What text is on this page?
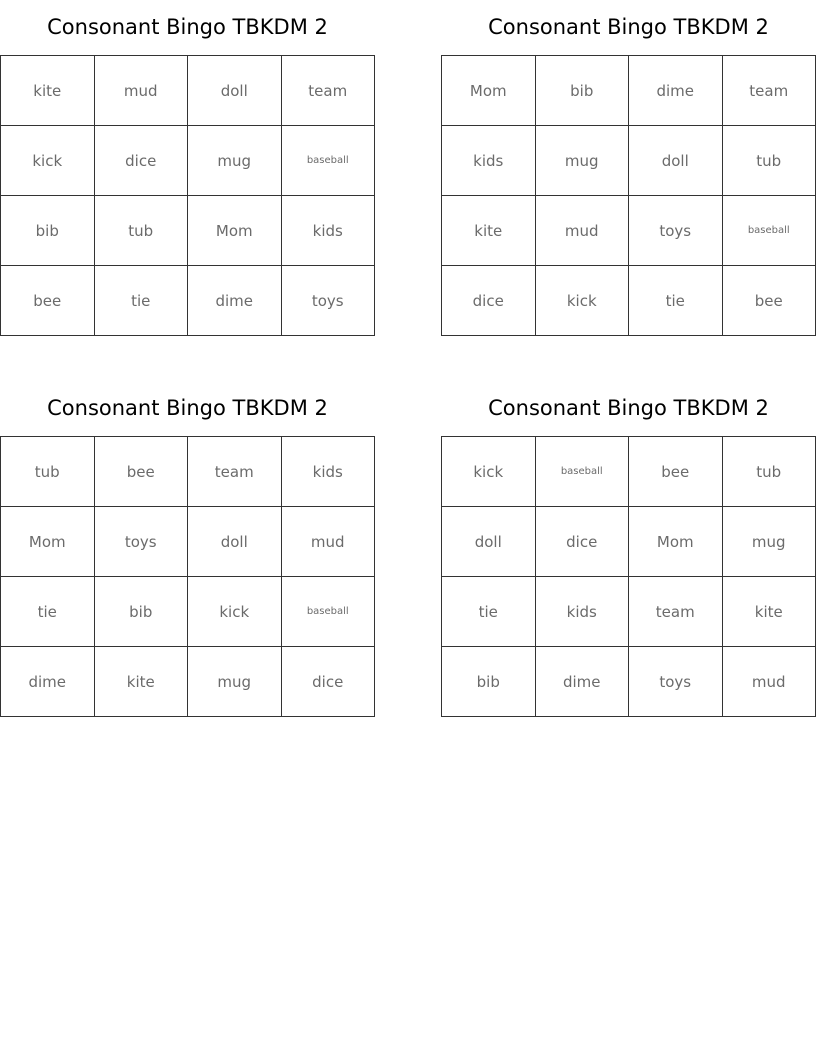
Consonant Bingo TBKDM 2
kite	mud	doll	team
kick	dice	mug	baseball
bib	tub	Mom	kids
bee	tie	dime	toys
Consonant Bingo TBKDM 2
Mom	bib	dime	team
kids	mug	doll	tub
kite	mud	toys	baseball
dice	kick	tie	bee
Consonant Bingo TBKDM 2
tub	bee	team	kids
Mom	toys	doll	mud
tie	bib	kick	baseball
dime	kite	mug	dice
Consonant Bingo TBKDM 2
kick	baseball	bee	tub
doll	dice	Mom	mug
tie	kids	team	kite
bib	dime	toys	mud
